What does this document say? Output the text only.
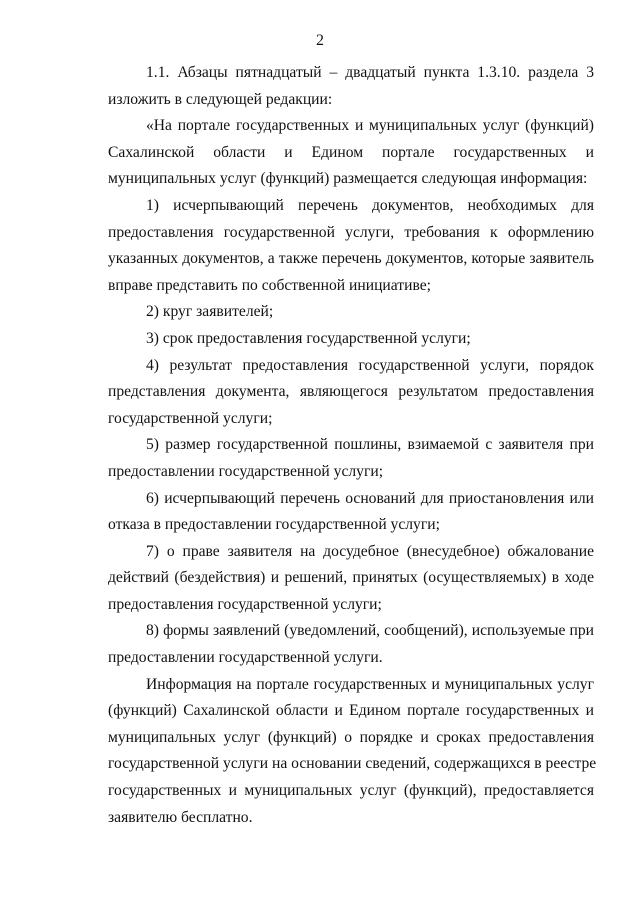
2
1.1. Абзацы пятнадцатый – двадцатый пункта 1.3.10. раздела 3
изложить в следующей редакции:
«На портале государственных и муниципальных услуг (функций)
Сахалинской области и Едином портале государственных и
муниципальных услуг (функций) размещается следующая информация:
1) исчерпывающий перечень документов, необходимых для
предоставления государственной услуги, требования к оформлению
указанных документов, а также перечень документов, которые заявитель
вправе представить по собственной инициативе;
2) круг заявителей;
3) срок предоставления государственной услуги;
4) результат предоставления государственной услуги, порядок
представления документа, являющегося результатом предоставления
государственной услуги;
5) размер государственной пошлины, взимаемой с заявителя при
предоставлении государственной услуги;
6) исчерпывающий перечень оснований для приостановления или
отказа в предоставлении государственной услуги;
7) о праве заявителя на досудебное (внесудебное) обжалование
действий (бездействия) и решений, принятых (осуществляемых) в ходе
предоставления государственной услуги;
8) формы заявлений (уведомлений, сообщений), используемые при
предоставлении государственной услуги.
Информация на портале государственных и муниципальных услуг
(функций) Сахалинской области и Едином портале государственных и
муниципальных услуг (функций) о порядке и сроках предоставления
государственной услуги на основании сведений, содержащихся в реестре
государственных и муниципальных услуг (функций), предоставляется
заявителю бесплатно.
